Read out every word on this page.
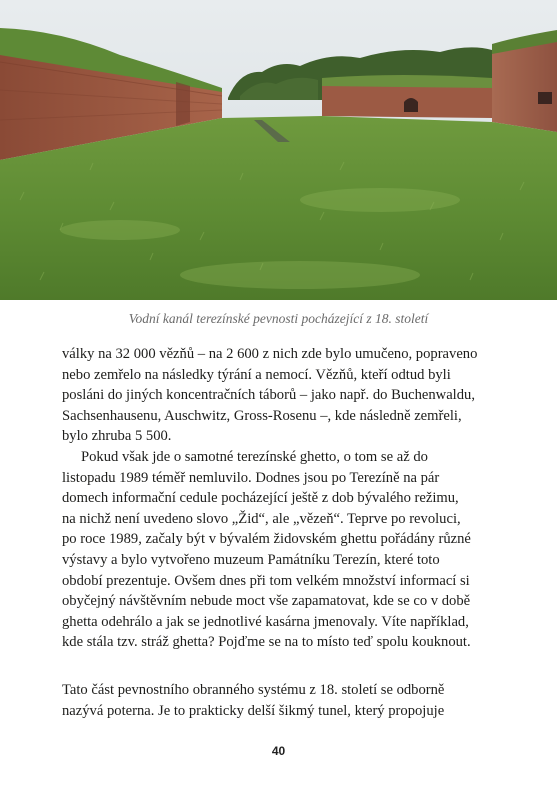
Vodní kanál terezínské pevnosti pocházející z 18. století
války na 32 000 vězňů – na 2 600 z nich zde bylo umučeno, popraveno
nebo zemřelo na následky týrání a nemocí. Vězňů, kteří odtud byli
posláni do jiných koncentračních táborů – jako např. do Buchenwaldu,
Sachsenhausenu, Auschwitz, Gross-Rosenu –, kde následně zemřeli,
bylo zhruba 5 500.
Pokud však jde o samotné terezínské ghetto, o tom se až do
listopadu 1989 téměř nemluvilo. Dodnes jsou po Terezíně na pár
domech informační cedule pocházející ještě z dob bývalého režimu,
na nichž není uvedeno slovo „Žid“, ale „vězeň“. Teprve po revoluci,
po roce 1989, začaly být v bývalém židovském ghettu pořádány různé
výstavy a bylo vytvořeno muzeum Památníku Terezín, které toto
období prezentuje. Ovšem dnes při tom velkém množství informací si
obyčejný návštěvním nebude moct vše zapamatovat, kde se co v době
ghetta odehrálo a jak se jednotlivé kasárna jmenovaly. Víte například,
kde stála tzv. stráž ghetta? Pojďme se na to místo teď spolu kouknout.
Tato část pevnostního obranného systému z 18. století se odborně
nazývá poterna. Je to prakticky delší šikmý tunel, který propojuje
40
